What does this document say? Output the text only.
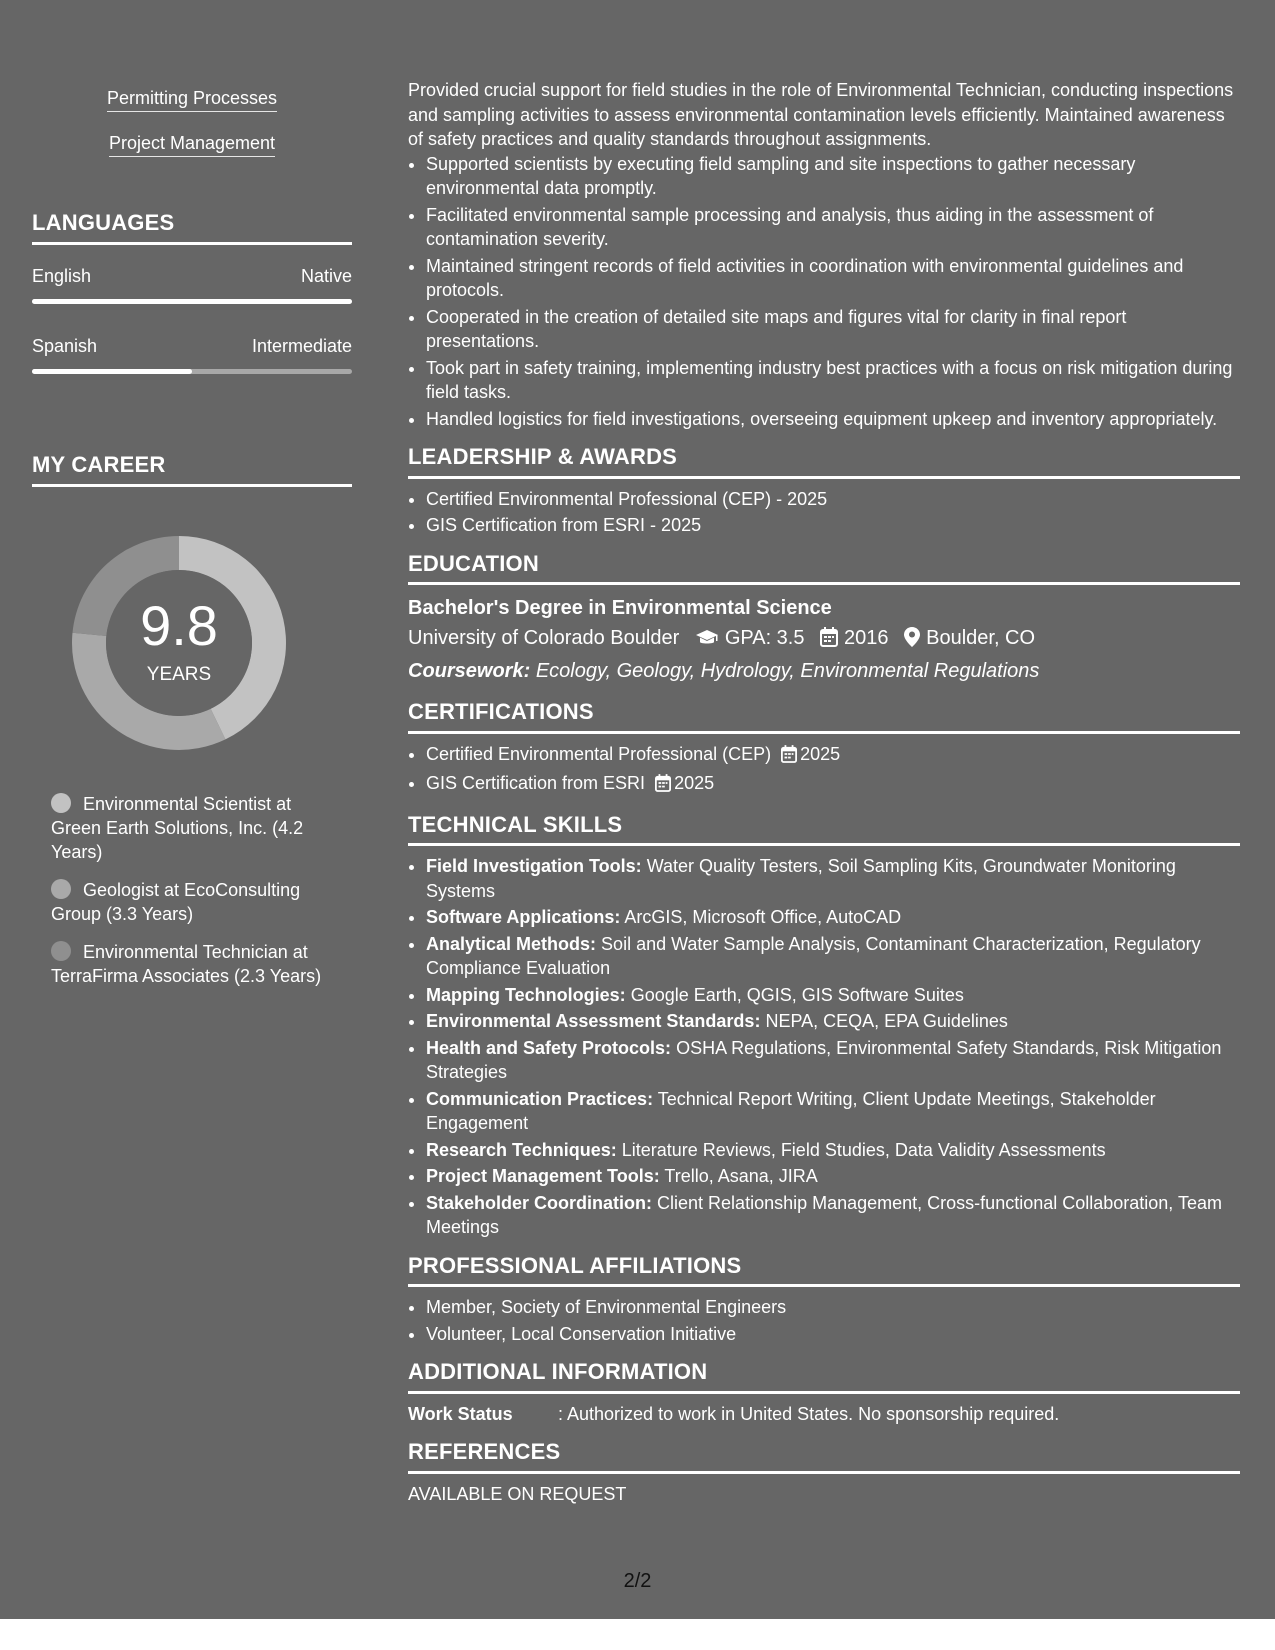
Permitting Processes
Project Management
LANGUAGES
English	Native
Spanish	Intermediate
MY CAREER
9.8
YEARS
Environmental Scientist at Green Earth Solutions, Inc. (4.2 Years)
Geologist at EcoConsulting Group (3.3 Years)
Environmental Technician at TerraFirma Associates (2.3 Years)

Provided crucial support for field studies in the role of Environmental Technician, conducting inspections and sampling activities to assess environmental contamination levels efficiently. Maintained awareness of safety practices and quality standards throughout assignments.

• Supported scientists by executing field sampling and site inspections to gather necessary environmental data promptly.
• Facilitated environmental sample processing and analysis, thus aiding in the assessment of contamination severity.
• Maintained stringent records of field activities in coordination with environmental guidelines and protocols.
• Cooperated in the creation of detailed site maps and figures vital for clarity in final report presentations.
• Took part in safety training, implementing industry best practices with a focus on risk mitigation during field tasks.
• Handled logistics for field investigations, overseeing equipment upkeep and inventory appropriately.
LEADERSHIP & AWARDS
• Certified Environmental Professional (CEP) - 2025
• GIS Certification from ESRI - 2025
EDUCATION
Bachelor's Degree in Environmental Science
University of Colorado Boulder GPA: 3.5 2016 Boulder, CO
Coursework: Ecology, Geology, Hydrology, Environmental Regulations
CERTIFICATIONS
• Certified Environmental Professional (CEP) 2025
• GIS Certification from ESRI 2025
TECHNICAL SKILLS
• Field Investigation Tools: Water Quality Testers, Soil Sampling Kits, Groundwater Monitoring Systems
• Software Applications: ArcGIS, Microsoft Office, AutoCAD
• Analytical Methods: Soil and Water Sample Analysis, Contaminant Characterization, Regulatory Compliance Evaluation
• Mapping Technologies: Google Earth, QGIS, GIS Software Suites
• Environmental Assessment Standards: NEPA, CEQA, EPA Guidelines
• Health and Safety Protocols: OSHA Regulations, Environmental Safety Standards, Risk Mitigation Strategies
• Communication Practices: Technical Report Writing, Client Update Meetings, Stakeholder Engagement
• Research Techniques: Literature Reviews, Field Studies, Data Validity Assessments
• Project Management Tools: Trello, Asana, JIRA
• Stakeholder Coordination: Client Relationship Management, Cross-functional Collaboration, Team Meetings
PROFESSIONAL AFFILIATIONS
• Member, Society of Environmental Engineers
• Volunteer, Local Conservation Initiative
ADDITIONAL INFORMATION
Work Status	: Authorized to work in United States. No sponsorship required.
REFERENCES
AVAILABLE ON REQUEST
2/2
